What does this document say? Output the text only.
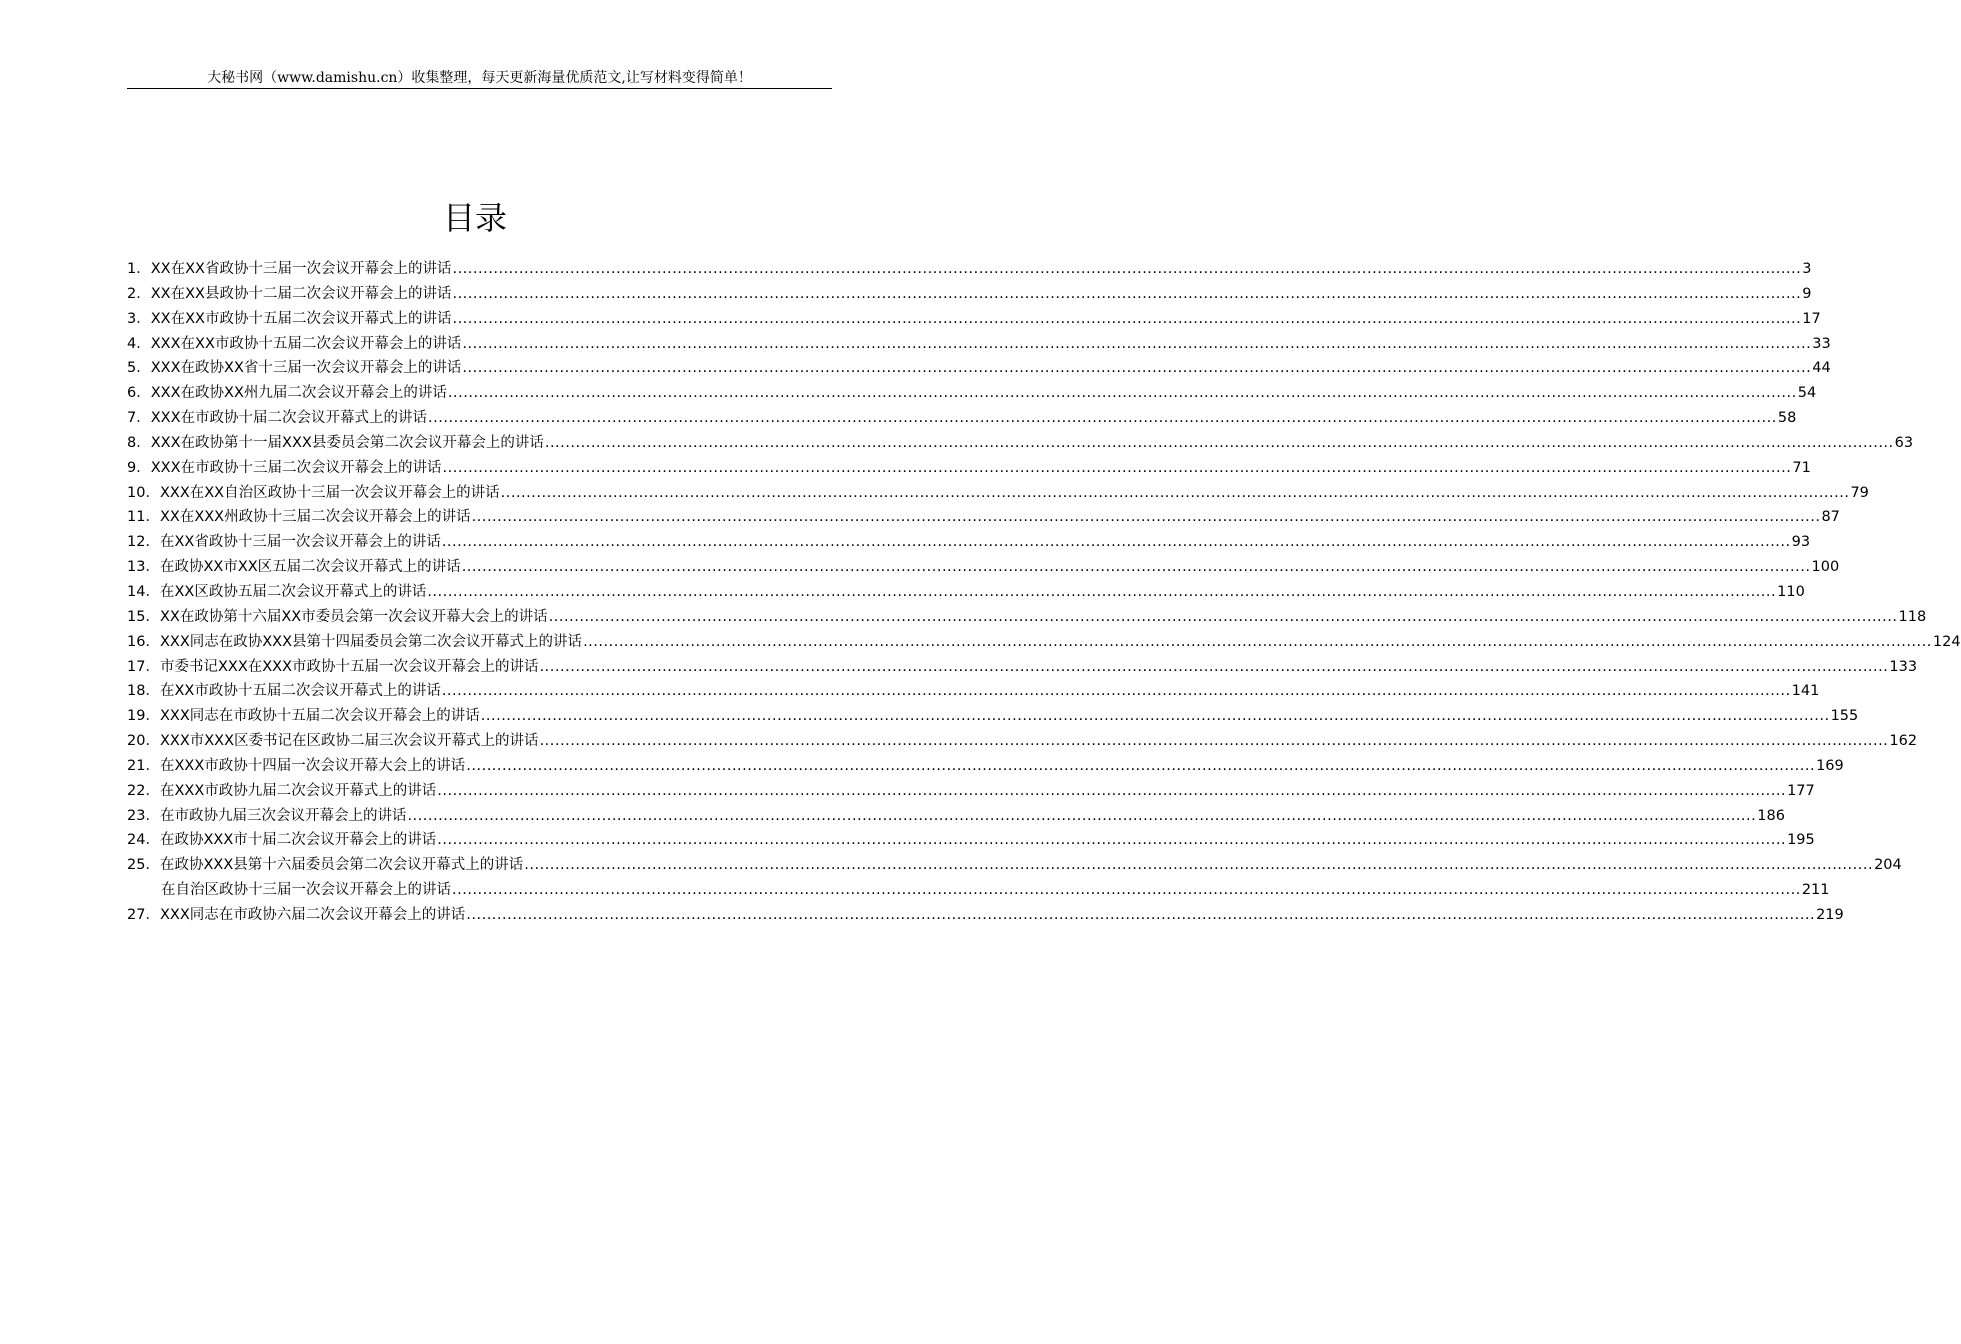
大秘书网（www.damishu.cn）收集整理，每天更新海量优质范文,让写材料变得简单！
目录
1． XX在XX省政协十三届一次会议开幕会上的讲话 .....	3
2． XX在XX县政协十二届二次会议开幕会上的讲话 .....	9
3． XX在XX市政协十五届二次会议开幕式上的讲话 .....	17
4． XXX在XX市政协十五届二次会议开幕会上的讲话 .....	33
5． XXX在政协XX省十三届一次会议开幕会上的讲话 .....	44
6． XXX在政协XX州九届二次会议开幕会上的讲话 .....	54
7． XXX在市政协十届二次会议开幕式上的讲话 .....	58
8． XXX在政协第十一届XXX县委员会第二次会议开幕会上的讲话 .....	63
9． XXX在市政协十三届二次会议开幕会上的讲话 .....	71
10． XXX在XX自治区政协十三届一次会议开幕会上的讲话 .....	79
11． XX在XXX州政协十三届二次会议开幕会上的讲话 .....	87
12． 在XX省政协十三届一次会议开幕会上的讲话 .....	93
13． 在政协XX市XX区五届二次会议开幕式上的讲话 .....	100
14． 在XX区政协五届二次会议开幕式上的讲话 .....	110
15． XX在政协第十六届XX市委员会第一次会议开幕大会上的讲话 .....	118
16． XXX同志在政协XXX县第十四届委员会第二次会议开幕式上的讲话 .....	124
17． 市委书记XXX在XXX市政协十五届一次会议开幕会上的讲话 .....	133
18． 在XX市政协十五届二次会议开幕式上的讲话 .....	141
19． XXX同志在市政协十五届二次会议开幕会上的讲话 .....	155
20． XXX市XXX区委书记在区政协二届三次会议开幕式上的讲话 .....	162
21． 在XXX市政协十四届一次会议开幕大会上的讲话 .....	169
22． 在XXX市政协九届二次会议开幕式上的讲话 .....	177
23． 在市政协九届三次会议开幕会上的讲话 .....	186
24． 在政协XXX市十届二次会议开幕会上的讲话 .....	195
25． 在政协XXX县第十六届委员会第二次会议开幕式上的讲话 .....	204
在自治区政协十三届一次会议开幕会上的讲话 .....	211
27． XXX同志在市政协六届二次会议开幕会上的讲话 .....	219
